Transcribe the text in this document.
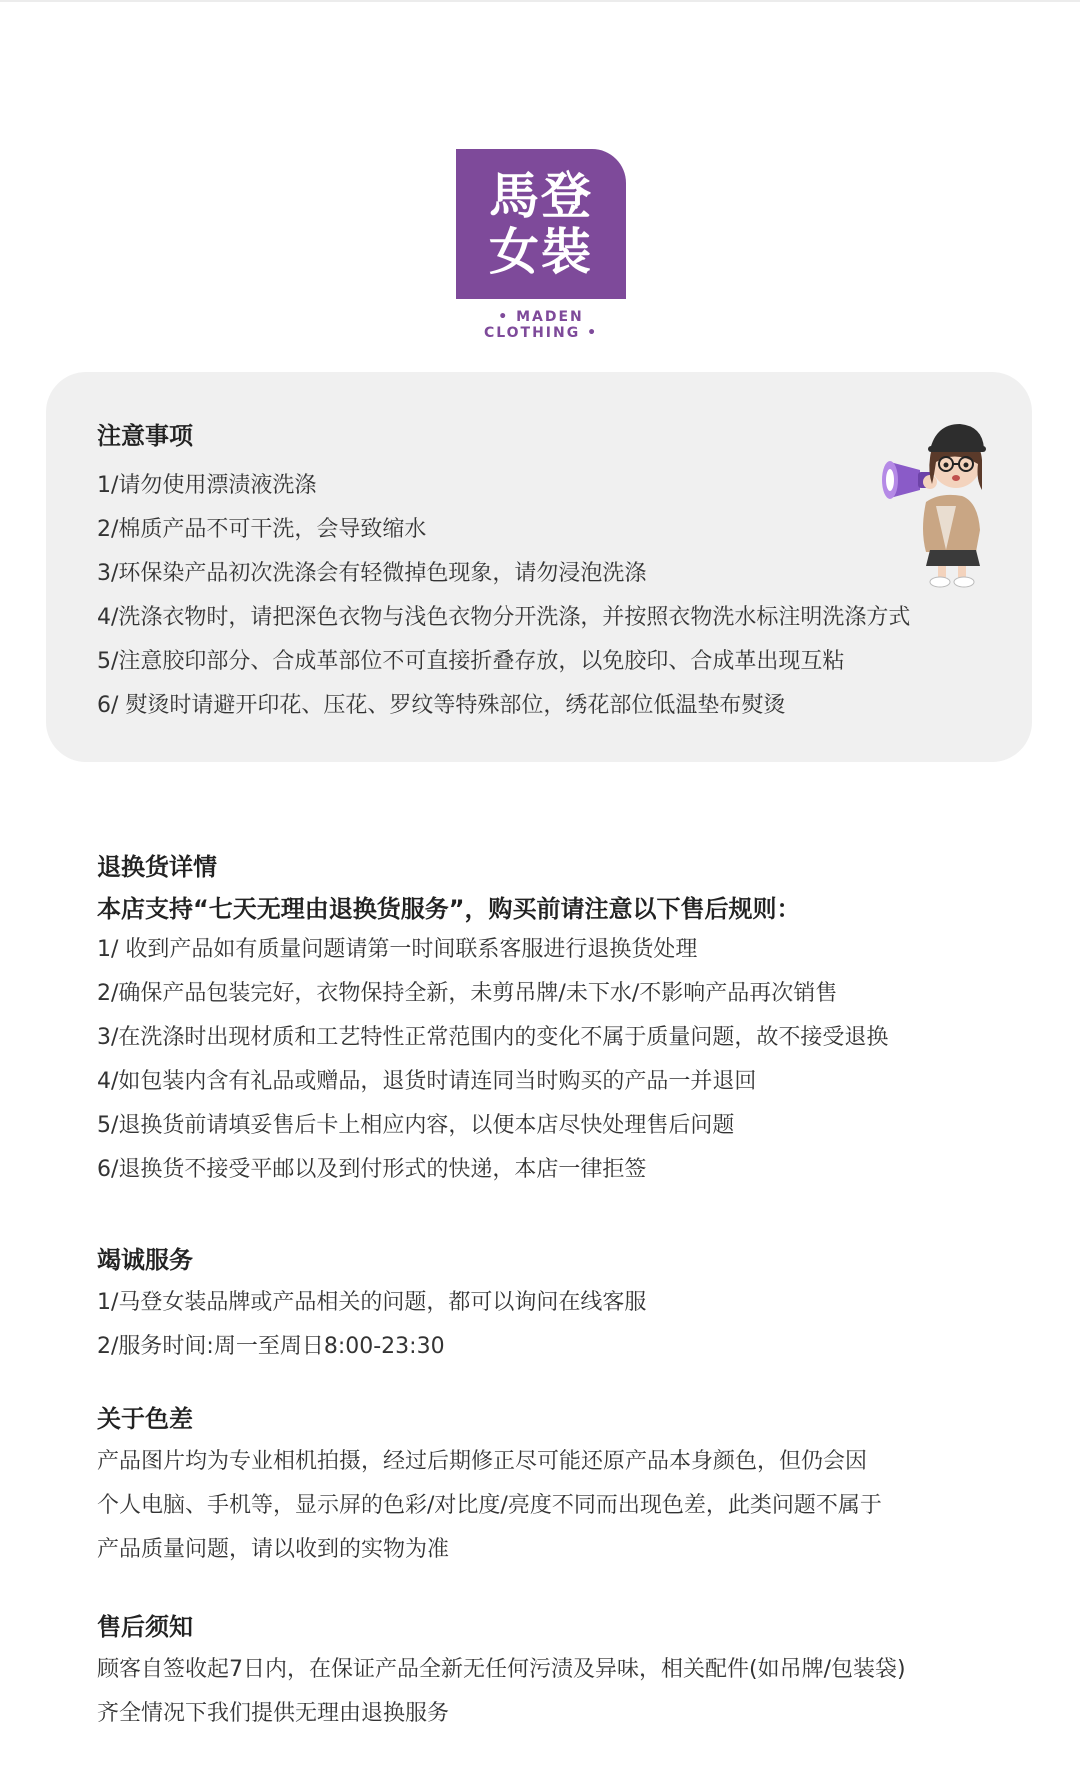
馬登
女裝
• MADEN CLOTHING •
注意事项
1/请勿使用漂渍液洗涤
2/棉质产品不可干洗，会导致缩水
3/环保染产品初次洗涤会有轻微掉色现象，请勿浸泡洗涤
4/洗涤衣物时，请把深色衣物与浅色衣物分开洗涤，并按照衣物洗水标注明洗涤方式
5/注意胶印部分、合成革部位不可直接折叠存放，以免胶印、合成革出现互粘
6/ 熨烫时请避开印花、压花、罗纹等特殊部位，绣花部位低温垫布熨烫
退换货详情

本店支持“七天无理由退换货服务”，购买前请注意以下售后规则：

1/ 收到产品如有质量问题请第一时间联系客服进行退换货处理
2/确保产品包装完好，衣物保持全新，未剪吊牌/未下水/不影响产品再次销售
3/在洗涤时出现材质和工艺特性正常范围内的变化不属于质量问题，故不接受退换
4/如包装内含有礼品或赠品，退货时请连同当时购买的产品一并退回
5/退换货前请填妥售后卡上相应内容，以便本店尽快处理售后问题
6/退换货不接受平邮以及到付形式的快递，本店一律拒签
竭诚服务
1/马登女装品牌或产品相关的问题，都可以询问在线客服
2/服务时间:周一至周日8:00-23:30
关于色差

产品图片均为专业相机拍摄，经过后期修正尽可能还原产品本身颜色，但仍会因

个人电脑、手机等，显示屏的色彩/对比度/亮度不同而出现色差，此类问题不属于

产品质量问题，请以收到的实物为准

售后须知

顾客自签收起7日内，在保证产品全新无任何污渍及异味，相关配件(如吊牌/包装袋)

齐全情况下我们提供无理由退换服务
